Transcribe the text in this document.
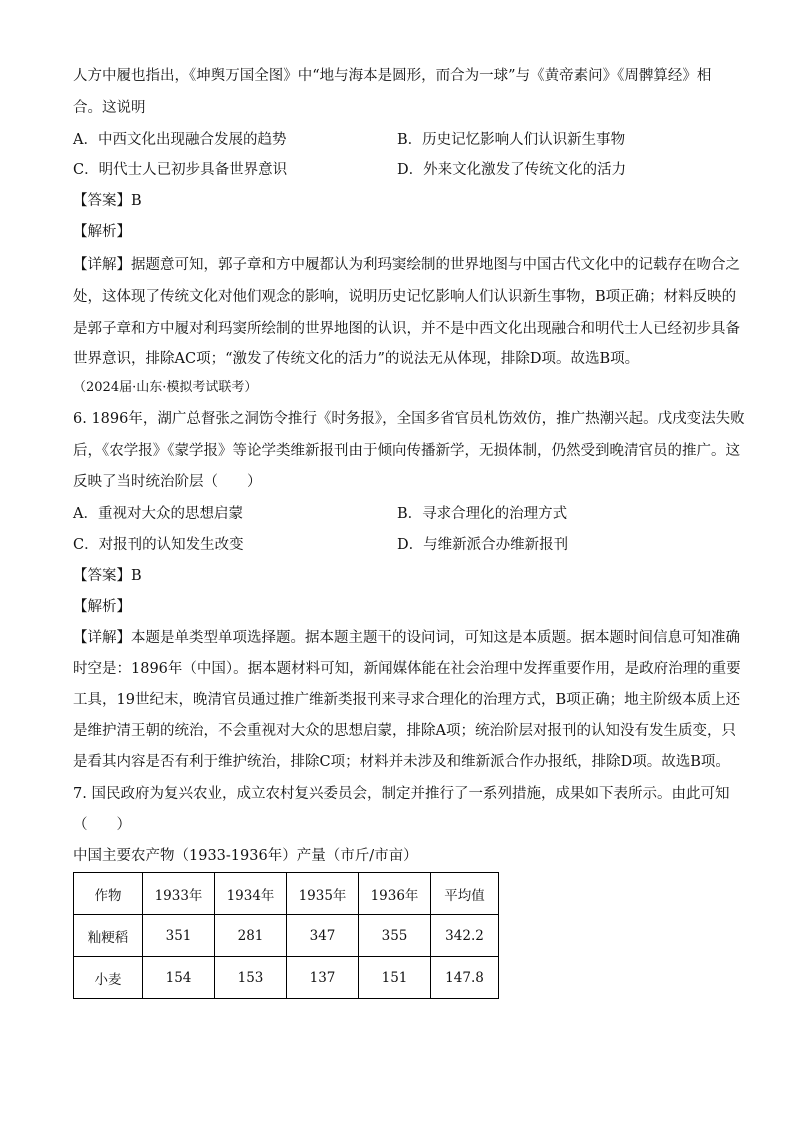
人方中履也指出，《坤舆万国全图》中“地与海本是圆形，而合为一球”与《黄帝素问》《周髀算经》相
合。这说明
A．中西文化出现融合发展的趋势	B．历史记忆影响人们认识新生事物
C．明代士人已初步具备世界意识	D．外来文化激发了传统文化的活力
【答案】B
【解析】
【详解】据题意可知，郭子章和方中履都认为利玛窦绘制的世界地图与中国古代文化中的记载存在吻合之
处，这体现了传统文化对他们观念的影响，说明历史记忆影响人们认识新生事物，B项正确；材料反映的
是郭子章和方中履对利玛窦所绘制的世界地图的认识，并不是中西文化出现融合和明代士人已经初步具备
世界意识，排除AC项；“激发了传统文化的活力”的说法无从体现，排除D项。故选B项。
（2024届·山东·模拟考试联考）
6. 1896年，湖广总督张之洞饬令推行《时务报》，全国多省官员札饬效仿，推广热潮兴起。戊戌变法失败
后，《农学报》《蒙学报》等论学类维新报刊由于倾向传播新学，无损体制，仍然受到晚清官员的推广。这
反映了当时统治阶层（　　）
A．重视对大众的思想启蒙	B．寻求合理化的治理方式
C．对报刊的认知发生改变	D．与维新派合办维新报刊
【答案】B
【解析】
【详解】本题是单类型单项选择题。据本题主题干的设问词，可知这是本质题。据本题时间信息可知准确
时空是：1896年（中国）。据本题材料可知，新闻媒体能在社会治理中发挥重要作用，是政府治理的重要
工具，19世纪末，晚清官员通过推广维新类报刊来寻求合理化的治理方式，B项正确；地主阶级本质上还
是维护清王朝的统治，不会重视对大众的思想启蒙，排除A项；统治阶层对报刊的认知没有发生质变，只
是看其内容是否有利于维护统治，排除C项；材料并未涉及和维新派合作办报纸，排除D项。故选B项。
7. 国民政府为复兴农业，成立农村复兴委员会，制定并推行了一系列措施，成果如下表所示。由此可知
（　　）
中国主要农产物（1933-1936年）产量（市斤/市亩）
作物	1933年	1934年	1935年	1936年	平均值
籼粳稻	351	281	347	355	342.2
小麦	154	153	137	151	147.8
